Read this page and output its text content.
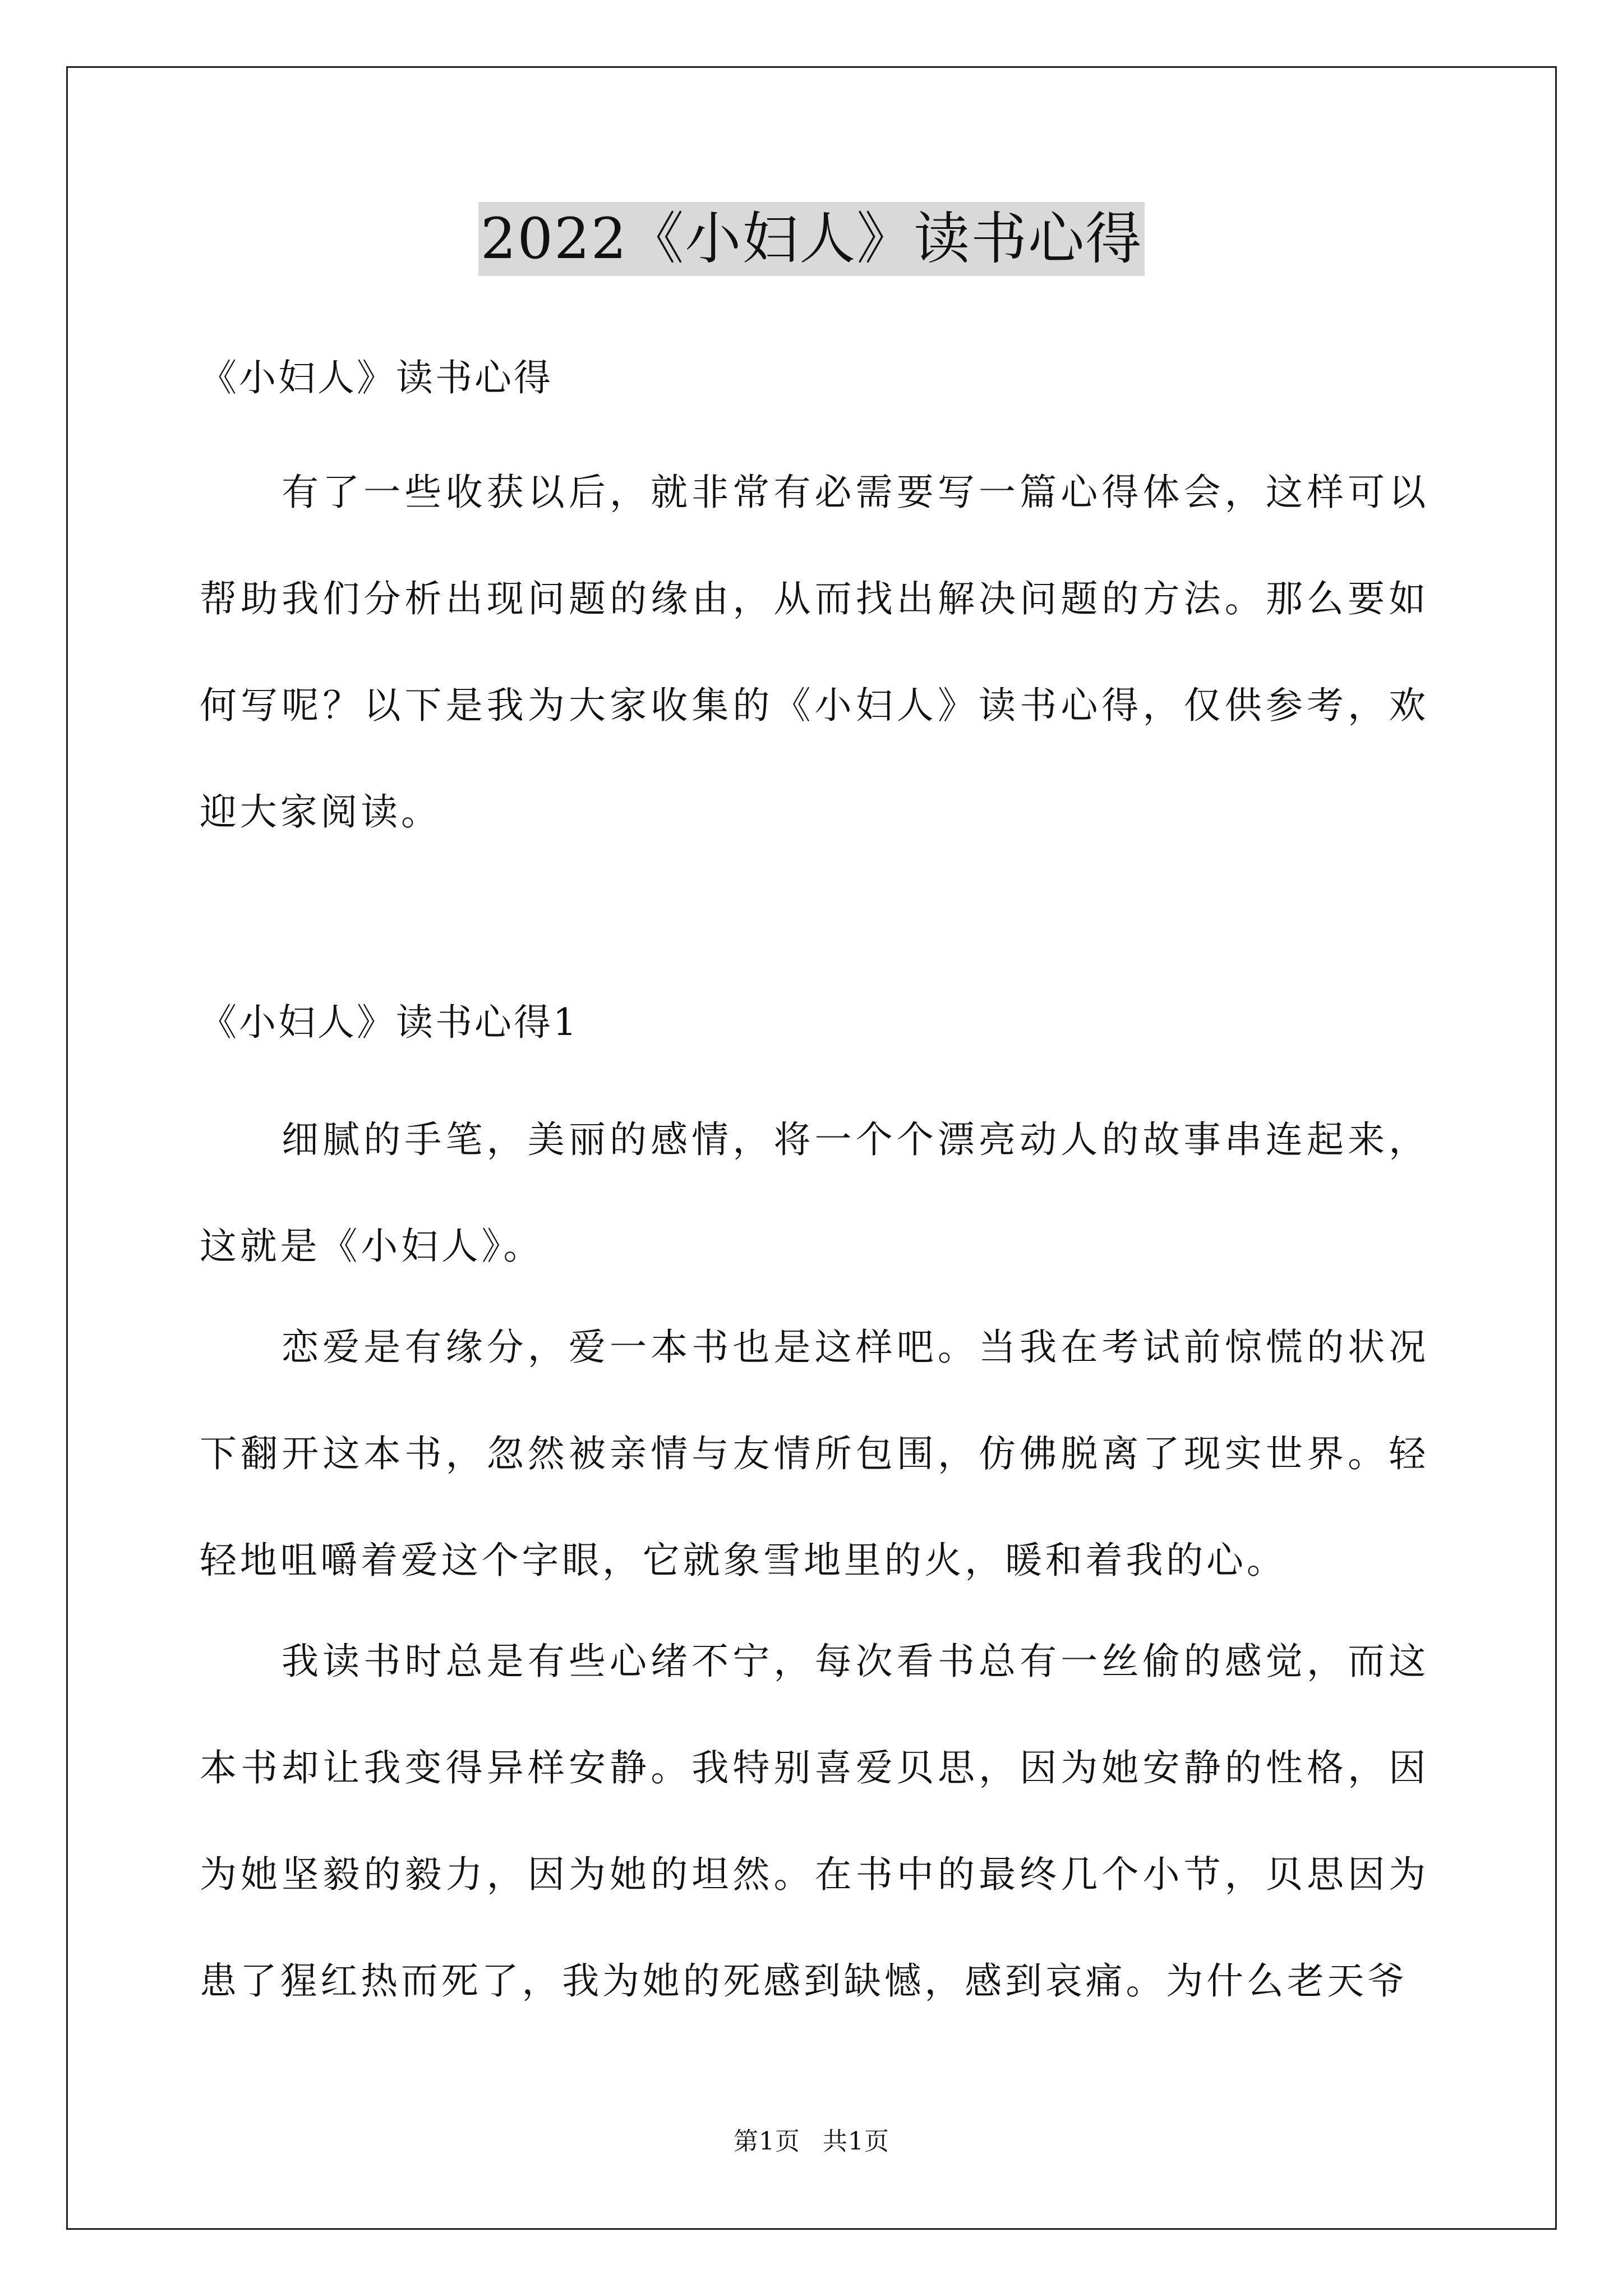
2022《小妇人》读书心得
《小妇人》读书心得

有了一些收获以后，就非常有必需要写一篇心得体会，这样可以帮助我们分析出现问题的缘由，从而找出解决问题的方法。那么要如何写呢？以下是我为大家收集的《小妇人》读书心得，仅供参考，欢迎大家阅读。

《小妇人》读书心得1

细腻的手笔，美丽的感情，将一个个漂亮动人的故事串连起来，这就是《小妇人》。

恋爱是有缘分，爱一本书也是这样吧。当我在考试前惊慌的状况下翻开这本书，忽然被亲情与友情所包围，仿佛脱离了现实世界。轻轻地咀嚼着爱这个字眼，它就象雪地里的火，暖和着我的心。

我读书时总是有些心绪不宁，每次看书总有一丝偷的感觉，而这本书却让我变得异样安静。我特别喜爱贝思，因为她安静的性格，因为她坚毅的毅力，因为她的坦然。在书中的最终几个小节，贝思因为患了猩红热而死了，我为她的死感到缺憾，感到哀痛。为什么老天爷

第1页 共1页
